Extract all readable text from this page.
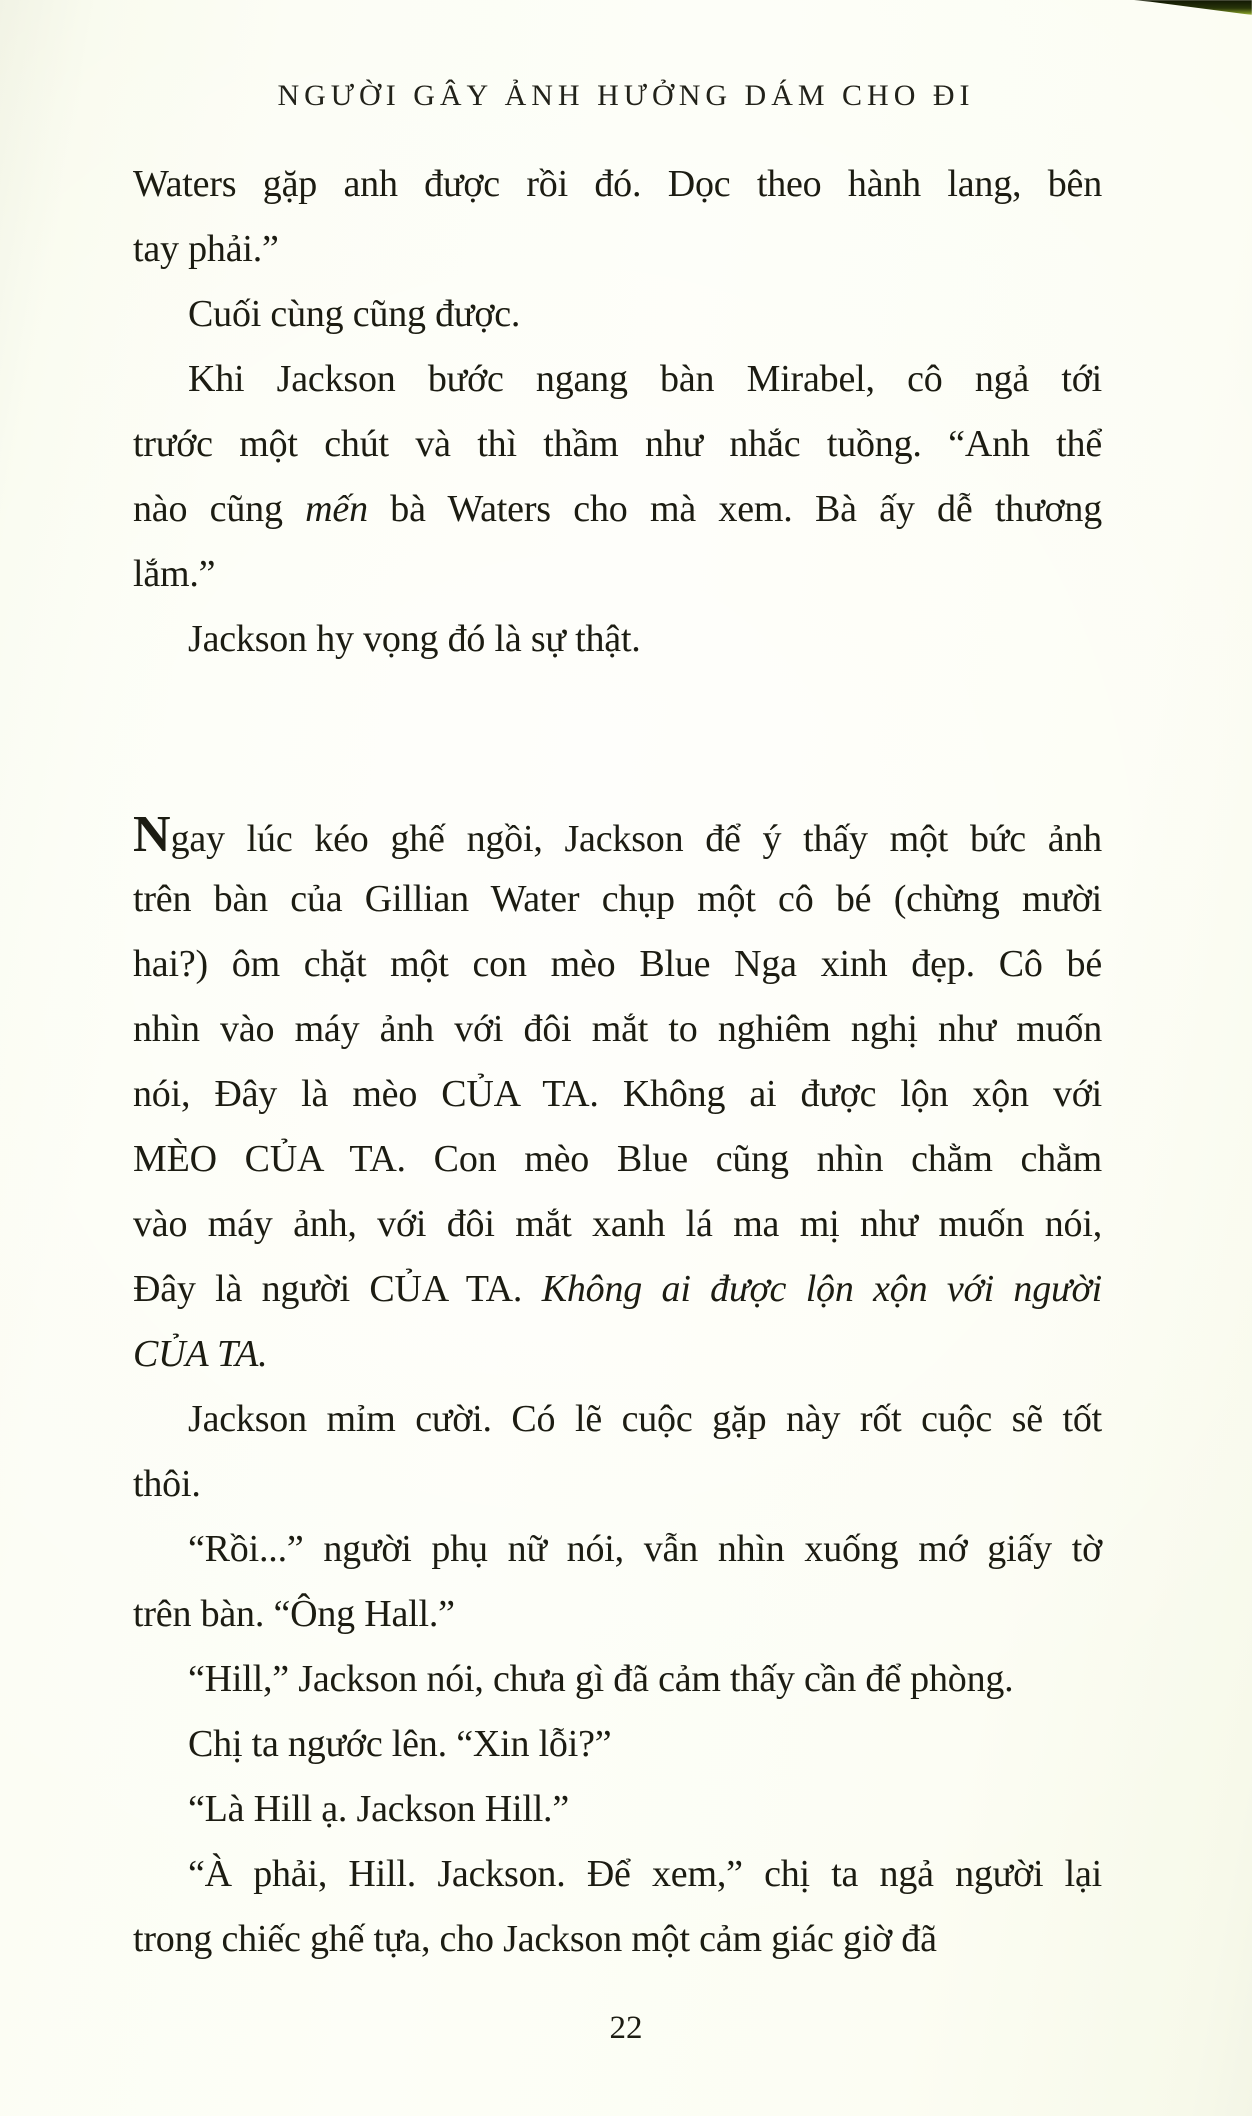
NGƯỜI GÂY ẢNH HƯỞNG DÁM CHO ĐI
Waters gặp anh được rồi đó. Dọc theo hành lang, bên
tay phải.”
Cuối cùng cũng được.
Khi Jackson bước ngang bàn Mirabel, cô ngả tới
trước một chút và thì thầm như nhắc tuồng. “Anh thể
nào cũng mến bà Waters cho mà xem. Bà ấy dễ thương
lắm.”
Jackson hy vọng đó là sự thật.
Ngay lúc kéo ghế ngồi, Jackson để ý thấy một bức ảnh
trên bàn của Gillian Water chụp một cô bé (chừng mười
hai?) ôm chặt một con mèo Blue Nga xinh đẹp. Cô bé
nhìn vào máy ảnh với đôi mắt to nghiêm nghị như muốn
nói, Đây là mèo CỦA TA. Không ai được lộn xộn với
MÈO CỦA TA. Con mèo Blue cũng nhìn chằm chằm
vào máy ảnh, với đôi mắt xanh lá ma mị như muốn nói,
Đây là người CỦA TA. Không ai được lộn xộn với người
CỦA TA.
Jackson mỉm cười. Có lẽ cuộc gặp này rốt cuộc sẽ tốt
thôi.
“Rồi...” người phụ nữ nói, vẫn nhìn xuống mớ giấy tờ
trên bàn. “Ông Hall.”
“Hill,” Jackson nói, chưa gì đã cảm thấy cần để phòng.
Chị ta ngước lên. “Xin lỗi?”
“Là Hill ạ. Jackson Hill.”
“À phải, Hill. Jackson. Để xem,” chị ta ngả người lại
trong chiếc ghế tựa, cho Jackson một cảm giác giờ đã
22
